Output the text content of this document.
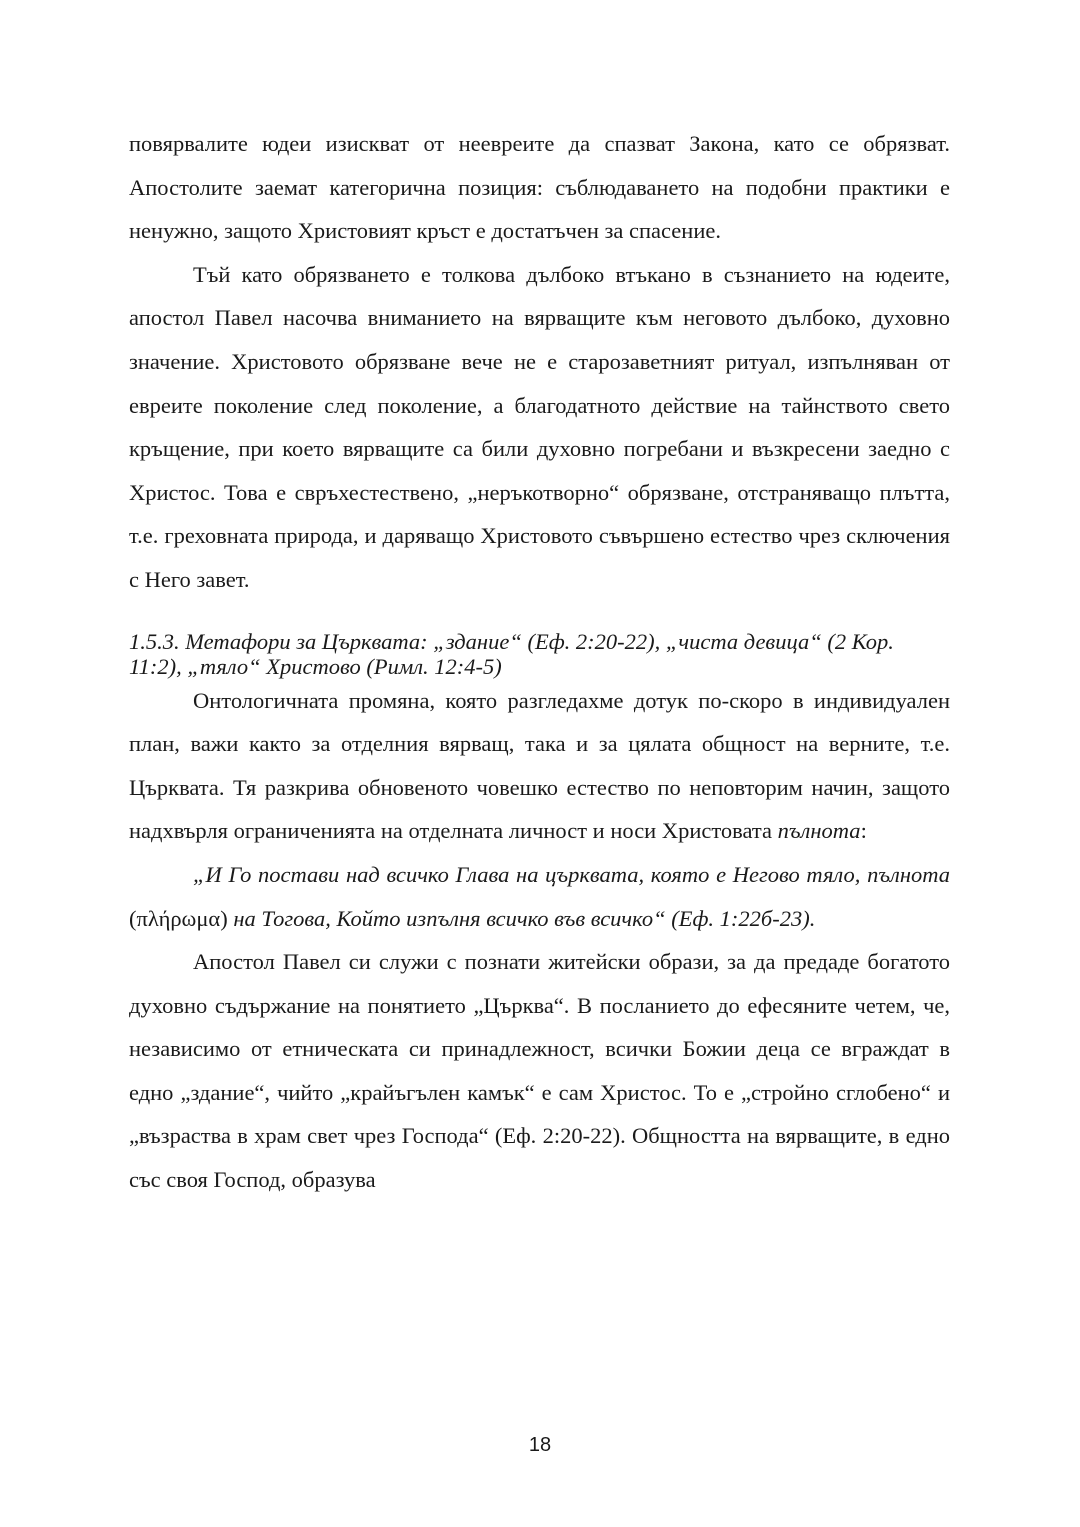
повярвалите юдеи изискват от неевреите да спазват Закона, като се обрязват. Апостолите заемат категорична позиция: съблюдаването на подобни практики е ненужно, защото Христовият кръст е достатъчен за спасение.

Тъй като обрязването е толкова дълбоко втъкано в съзнанието на юдеите, апостол Павел насочва вниманието на вярващите към неговото дълбоко, духовно значение. Христовото обрязване вече не е старозаветният ритуал, изпълняван от евреите поколение след поколение, а благодатното действие на тайнството свето кръщение, при което вярващите са били духовно погребани и възкресени заедно с Христос. Това е свръхестествено, „неръкотворно“ обрязване, отстраняващо плътта, т.е. греховната природа, и даряващо Христовото съвършено естество чрез сключения с Него завет.

1.5.3. Метафори за Църквата: „здание“ (Еф. 2:20-22), „чиста девица“ (2 Кор. 11:2), „тяло“ Христово (Римл. 12:4-5)

Онтологичната промяна, която разгледахме дотук по-скоро в индивидуален план, важи както за отделния вярващ, така и за цялата общност на верните, т.е. Църквата. Тя разкрива обновеното човешко естество по неповторим начин, защото надхвърля ограниченията на отделната личност и носи Христовата пълнота:

„И Го постави над всичко Глава на църквата, която е Негово тяло, пълнота (πλήρωμα) на Тогова, Който изпълня всичко във всичко“ (Еф. 1:22б-23).

Апостол Павел си служи с познати житейски образи, за да предаде богатото духовно съдържание на понятието „Църква“. В посланието до ефесяните четем, че, независимо от етническата си принадлежност, всички Божии деца се вграждат в едно „здание“, чийто „крайъгълен камък“ е сам Христос. То е „стройно сглобено“ и „възраства в храм свет чрез Господа“ (Еф. 2:20-22). Общността на вярващите, в едно със своя Господ, образува

18
